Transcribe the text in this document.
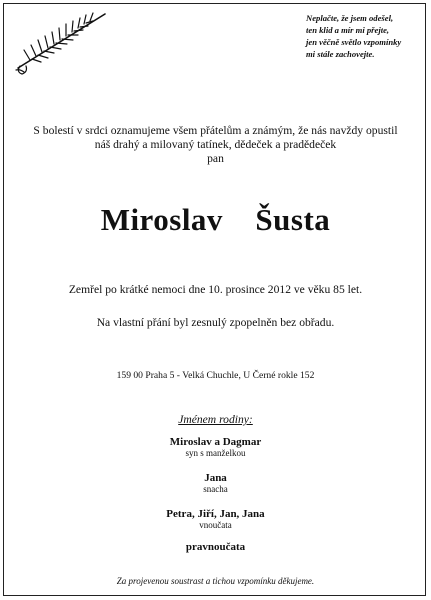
Neplačte, že jsem odešel,
ten klid a mír mi přejte,
jen věčně světlo vzpomínky
mi stále zachovejte.
S bolestí v srdci oznamujeme všem přátelům a známým, že nás navždy opustil
náš drahý a milovaný tatínek, dědeček a pradědeček
pan
Miroslav  Šusta
Zemřel po krátké nemoci dne 10. prosince 2012 ve věku 85 let.
Na vlastní přání byl zesnulý zpopelněn bez obřadu.
159 00 Praha 5 - Velká Chuchle, U Černé rokle 152
Jménem rodiny:
Miroslav a Dagmar
syn s manželkou
Jana
snacha
Petra, Jiří, Jan, Jana
vnoučata
pravnoučata
Za projevenou soustrast a tichou vzpomínku děkujeme.
